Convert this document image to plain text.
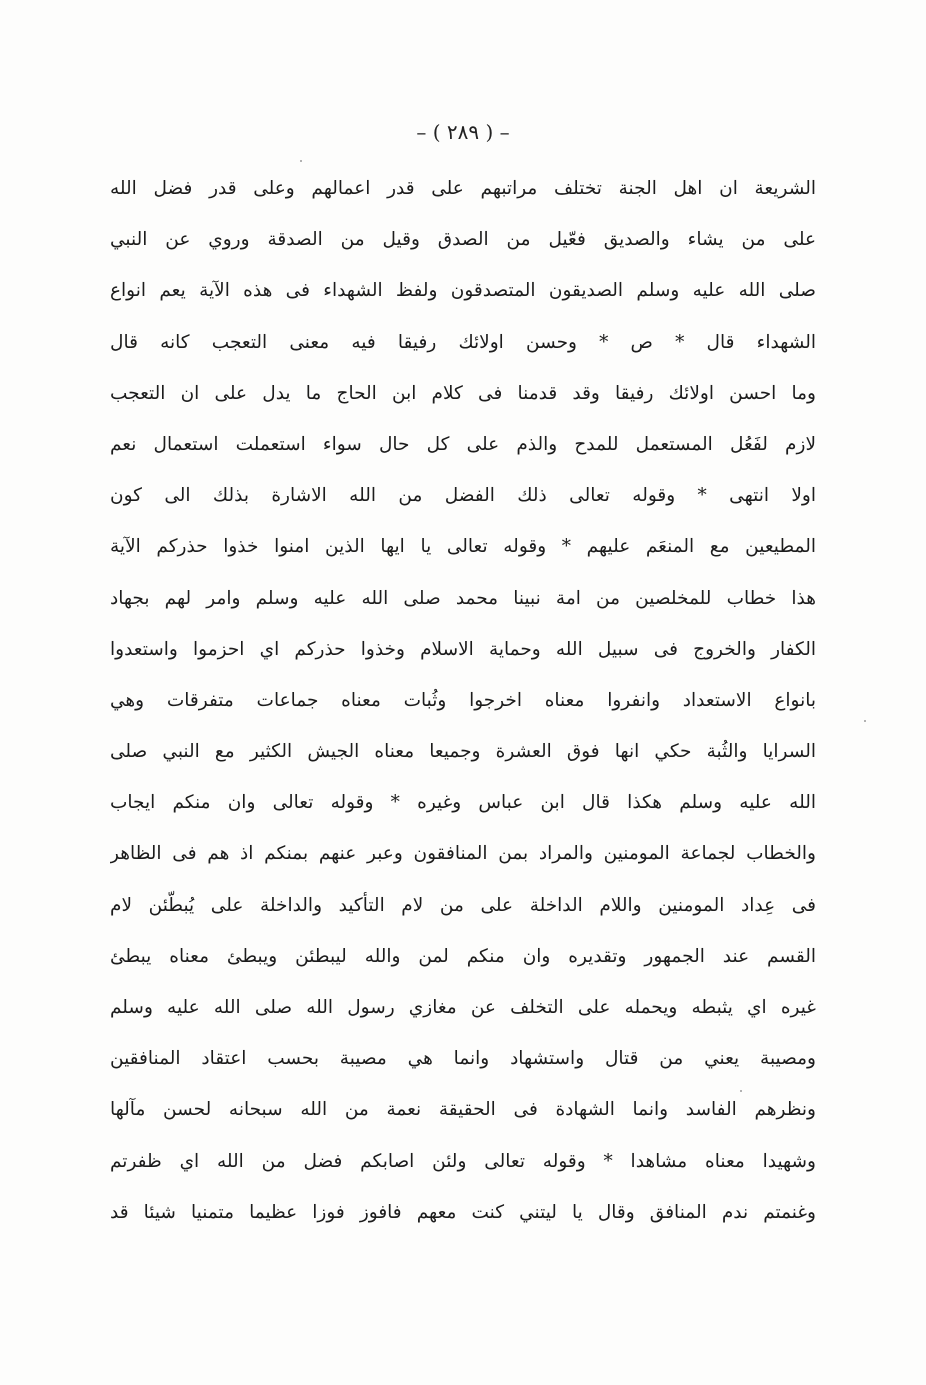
– ( ٢٨٩ ) –
الشريعة ان اهل الجنة تختلف مراتبهم على قدر اعمالهم وعلى قدر فضل الله
على من يشاء والصديق فعّيل من الصدق وقيل من الصدقة وروي عن النبي
صلى الله عليه وسلم الصديقون المتصدقون ولفظ الشهداء فى هذه الآية يعم انواع
الشهداء قال * ص * وحسن اولائك رفيقا فيه معنى التعجب كانه قال
وما احسن اولائك رفيقا وقد قدمنا فى كلام ابن الحاج ما يدل على ان التعجب
لازم لفَعُل المستعمل للمدح والذم على كل حال سواء استعملت استعمال نعم
اولا انتهى * وقوله تعالى ذلك الفضل من الله الاشارة بذلك الى كون
المطيعين مع المنعَم عليهم * وقوله تعالى يا ايها الذين امنوا خذوا حذركم الآية
هذا خطاب للمخلصين من امة نبينا محمد صلى الله عليه وسلم وامر لهم بجهاد
الكفار والخروج فى سبيل الله وحماية الاسلام وخذوا حذركم اي احزموا واستعدوا
بانواع الاستعداد وانفروا معناه اخرجوا وثُبات معناه جماعات متفرقات وهي
السرايا والثُبة حكي انها فوق العشرة وجميعا معناه الجيش الكثير مع النبي صلى
الله عليه وسلم هكذا قال ابن عباس وغيره * وقوله تعالى وان منكم ايجاب
والخطاب لجماعة المومنين والمراد بمن المنافقون وعبر عنهم بمنكم اذ هم فى الظاهر
فى عِداد المومنين واللام الداخلة على من لام التأكيد والداخلة على يُبطّئن لام
القسم عند الجمهور وتقديره وان منكم لمن والله ليبطئن ويبطئ معناه يبطئ
غيره اي يثبطه ويحمله على التخلف عن مغازي رسول الله صلى الله عليه وسلم
ومصيبة يعني من قتال واستشهاد وانما هي مصيبة بحسب اعتقاد المنافقين
ونظرهم الفاسد وانما الشهادة فى الحقيقة نعمة من الله سبحانه لحسن مآلها
وشهيدا معناه مشاهدا * وقوله تعالى ولئن اصابكم فضل من الله اي ظفرتم
وغنمتم ندم المنافق وقال يا ليتني كنت معهم فافوز فوزا عظيما متمنيا شيئا قد
